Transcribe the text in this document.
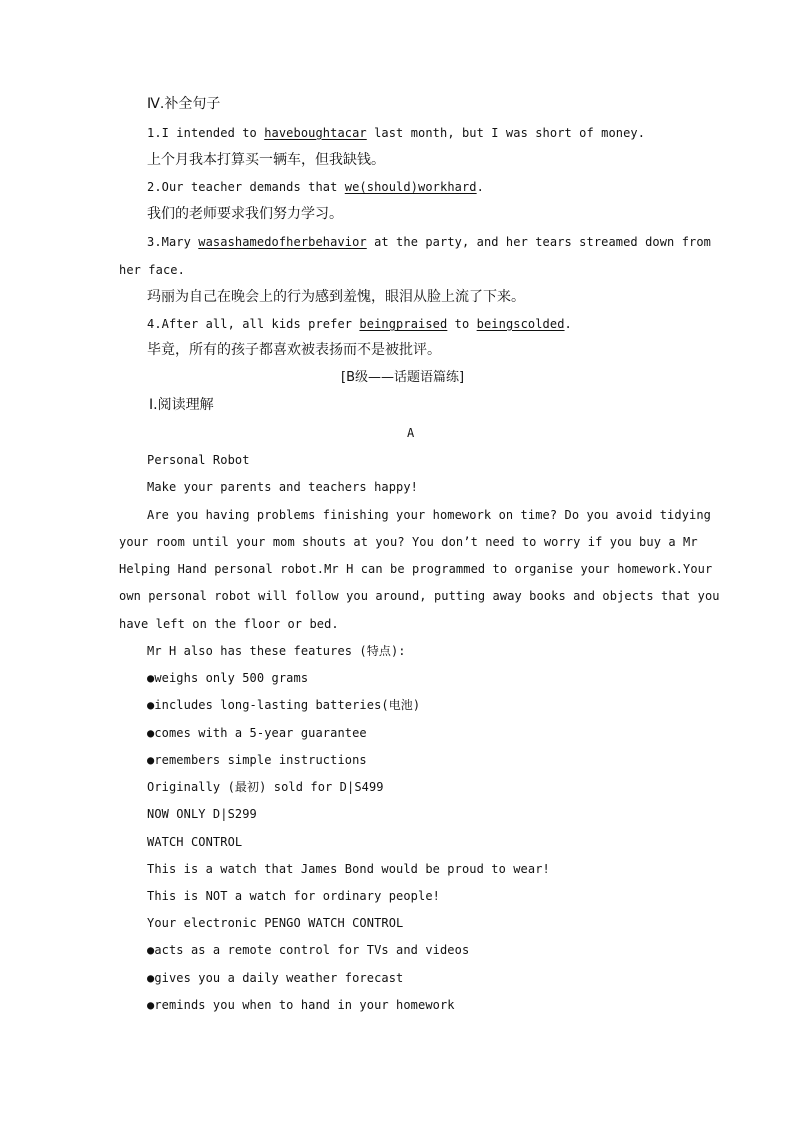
Ⅳ.补全句子
1.I intended to haveboughtacar last month, but I was short of money.
上个月我本打算买一辆车，但我缺钱。
2.Our teacher demands that we(should)workhard.
我们的老师要求我们努力学习。
3.Mary wasashamedofherbehavior at the party, and her tears streamed down from
her face.
玛丽为自己在晚会上的行为感到羞愧，眼泪从脸上流了下来。
4.After all, all kids prefer beingpraised to beingscolded.
毕竟，所有的孩子都喜欢被表扬而不是被批评。
[B级——话题语篇练]
Ⅰ.阅读理解
A
Personal Robot
Make your parents and teachers happy!
Are you having problems finishing your homework on time? Do you avoid tidying
your room until your mom shouts at you? You don’t need to worry if you buy a Mr
Helping Hand personal robot.Mr H can be programmed to organise your homework.Your
own personal robot will follow you around, putting away books and objects that you
have left on the floor or bed.
Mr H also has these features (特点):
●weighs only 500 grams
●includes long-lasting batteries(电池)
●comes with a 5-year guarantee
●remembers simple instructions
Originally (最初) sold for D|S499
NOW ONLY D|S299
WATCH CONTROL
This is a watch that James Bond would be proud to wear!
This is NOT a watch for ordinary people!
Your electronic PENGO WATCH CONTROL
●acts as a remote control for TVs and videos
●gives you a daily weather forecast
●reminds you when to hand in your homework
